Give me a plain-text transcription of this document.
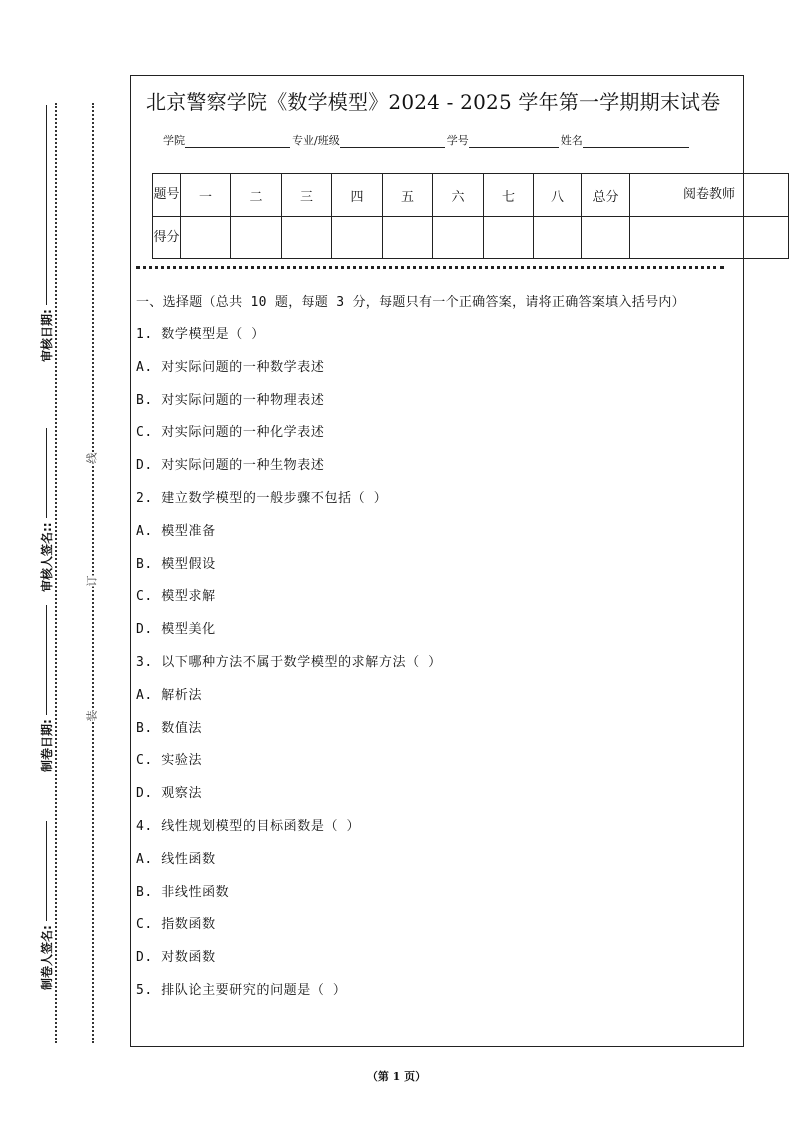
审核日期:
审核人签名::
制卷日期:
制卷人签名:
线
订
装
北京警察学院《数学模型》2024 - 2025 学年第一学期期末试卷
学院	专业/班级	学号	姓名
题号	一	二	三	四	五	六	七	八	总分	阅卷教师
得分										
一、选择题（总共 10 题，每题 3 分，每题只有一个正确答案，请将正确答案填入括号内）
1. 数学模型是（ ）
A. 对实际问题的一种数学表述
B. 对实际问题的一种物理表述
C. 对实际问题的一种化学表述
D. 对实际问题的一种生物表述
2. 建立数学模型的一般步骤不包括（ ）
A. 模型准备
B. 模型假设
C. 模型求解
D. 模型美化
3. 以下哪种方法不属于数学模型的求解方法（ ）
A. 解析法
B. 数值法
C. 实验法
D. 观察法
4. 线性规划模型的目标函数是（ ）
A. 线性函数
B. 非线性函数
C. 指数函数
D. 对数函数
5. 排队论主要研究的问题是（ ）
（第 1 页）
